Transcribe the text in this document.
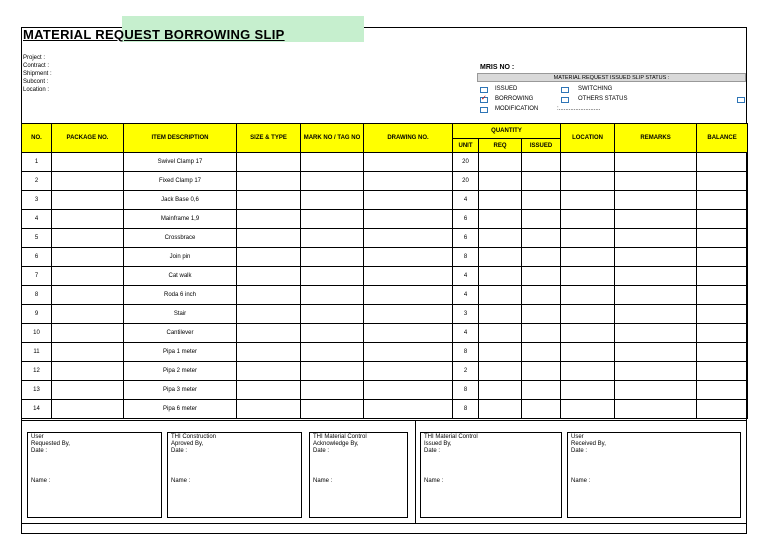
MATERIAL REQUEST BORROWING SLIP
Project :
Contract :
Shipment :
Subcont :
Location :
MRIS NO :
MATERIAL REQUEST ISSUED SLIP STATUS :
ISSUED	SWITCHING
✓ BORROWING	OTHERS STATUS
MODIFICATION	:.........................
NO.	PACKAGE NO.	ITEM DESCRIPTION	SIZE & TYPE	MARK NO / TAG NO	DRAWING NO.	QUANTITY			LOCATION	REMARKS	BALANCE
						UNIT	REQ	ISSUED			
1		Swivel Clamp 17				20					
2		Fixed Clamp 17				20					
3		Jack Base 0,6				4					
4		Mainframe 1,9				6					
5		Crossbrace				6					
6		Join pin				8					
7		Cat walk				4					
8		Roda 6 inch				4					
9		Stair				3					
10		Cantilever				4					
11		Pipa 1 meter				8					
12		Pipa 2 meter				2					
13		Pipa 3 meter				8					
14		Pipa 6 meter				8					
User
Requested By,
Date :
Name :
THI Construction
Aproved By,
Date :
Name :
THI Material Control
Acknowledge By,
Date :
Name :
THI Material Control
Issued By,
Date :
Name :
User
Received By,
Date :
Name :
